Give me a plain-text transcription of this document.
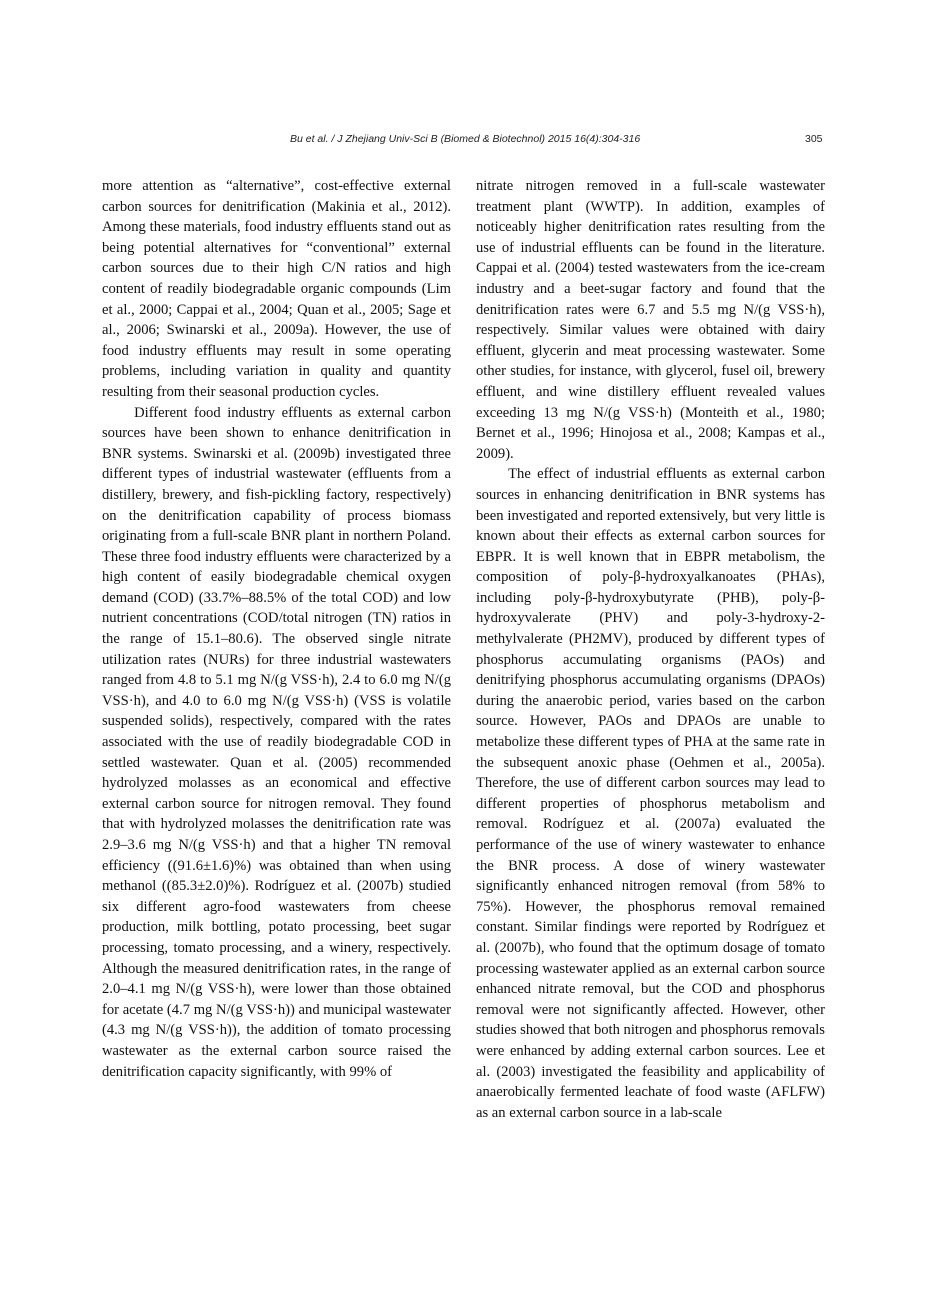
Bu et al. / J Zhejiang Univ-Sci B (Biomed & Biotechnol) 2015 16(4):304-316	305

more attention as “alternative”, cost-effective external carbon sources for denitrification (Makinia et al., 2012). Among these materials, food industry effluents stand out as being potential alternatives for “conventional” external carbon sources due to their high C/N ratios and high content of readily biodegradable organic compounds (Lim et al., 2000; Cappai et al., 2004; Quan et al., 2005; Sage et al., 2006; Swinarski et al., 2009a). However, the use of food industry effluents may result in some operating problems, including variation in quality and quantity resulting from their seasonal production cycles.

Different food industry effluents as external carbon sources have been shown to enhance denitrification in BNR systems. Swinarski et al. (2009b) investigated three different types of industrial wastewater (effluents from a distillery, brewery, and fish-pickling factory, respectively) on the denitrification capability of process biomass originating from a full-scale BNR plant in northern Poland. These three food industry effluents were characterized by a high content of easily biodegradable chemical oxygen demand (COD) (33.7%–88.5% of the total COD) and low nutrient concentrations (COD/total nitrogen (TN) ratios in the range of 15.1–80.6). The observed single nitrate utilization rates (NURs) for three industrial wastewaters ranged from 4.8 to 5.1 mg N/(g VSS·h), 2.4 to 6.0 mg N/(g VSS·h), and 4.0 to 6.0 mg N/(g VSS·h) (VSS is volatile suspended solids), respectively, compared with the rates associated with the use of readily biodegradable COD in settled wastewater. Quan et al. (2005) recommended hydrolyzed molasses as an economical and effective external carbon source for nitrogen removal. They found that with hydrolyzed molasses the denitrification rate was 2.9–3.6 mg N/(g VSS·h) and that a higher TN removal efficiency ((91.6±1.6)%) was obtained than when using methanol ((85.3±2.0)%). Rodríguez et al. (2007b) studied six different agro-food wastewaters from cheese production, milk bottling, potato processing, beet sugar processing, tomato processing, and a winery, respectively. Although the measured denitrification rates, in the range of 2.0–4.1 mg N/(g VSS·h), were lower than those obtained for acetate (4.7 mg N/(g VSS·h)) and municipal wastewater (4.3 mg N/(g VSS·h)), the addition of tomato processing wastewater as the external carbon source raised the denitrification capacity significantly, with 99% of

nitrate nitrogen removed in a full-scale wastewater treatment plant (WWTP). In addition, examples of noticeably higher denitrification rates resulting from the use of industrial effluents can be found in the literature. Cappai et al. (2004) tested wastewaters from the ice-cream industry and a beet-sugar factory and found that the denitrification rates were 6.7 and 5.5 mg N/(g VSS·h), respectively. Similar values were obtained with dairy effluent, glycerin and meat processing wastewater. Some other studies, for instance, with glycerol, fusel oil, brewery effluent, and wine distillery effluent revealed values exceeding 13 mg N/(g VSS·h) (Monteith et al., 1980; Bernet et al., 1996; Hinojosa et al., 2008; Kampas et al., 2009).

The effect of industrial effluents as external carbon sources in enhancing denitrification in BNR systems has been investigated and reported extensively, but very little is known about their effects as external carbon sources for EBPR. It is well known that in EBPR metabolism, the composition of poly-β-hydroxyalkanoates (PHAs), including poly-β-hydroxybutyrate (PHB), poly-β-hydroxyvalerate (PHV) and poly-3-hydroxy-2-methylvalerate (PH2MV), produced by different types of phosphorus accumulating organisms (PAOs) and denitrifying phosphorus accumulating organisms (DPAOs) during the anaerobic period, varies based on the carbon source. However, PAOs and DPAOs are unable to metabolize these different types of PHA at the same rate in the subsequent anoxic phase (Oehmen et al., 2005a). Therefore, the use of different carbon sources may lead to different properties of phosphorus metabolism and removal. Rodríguez et al. (2007a) evaluated the performance of the use of winery wastewater to enhance the BNR process. A dose of winery wastewater significantly enhanced nitrogen removal (from 58% to 75%). However, the phosphorus removal remained constant. Similar findings were reported by Rodríguez et al. (2007b), who found that the optimum dosage of tomato processing wastewater applied as an external carbon source enhanced nitrate removal, but the COD and phosphorus removal were not significantly affected. However, other studies showed that both nitrogen and phosphorus removals were enhanced by adding external carbon sources. Lee et al. (2003) investigated the feasibility and applicability of anaerobically fermented leachate of food waste (AFLFW) as an external carbon source in a lab-scale
